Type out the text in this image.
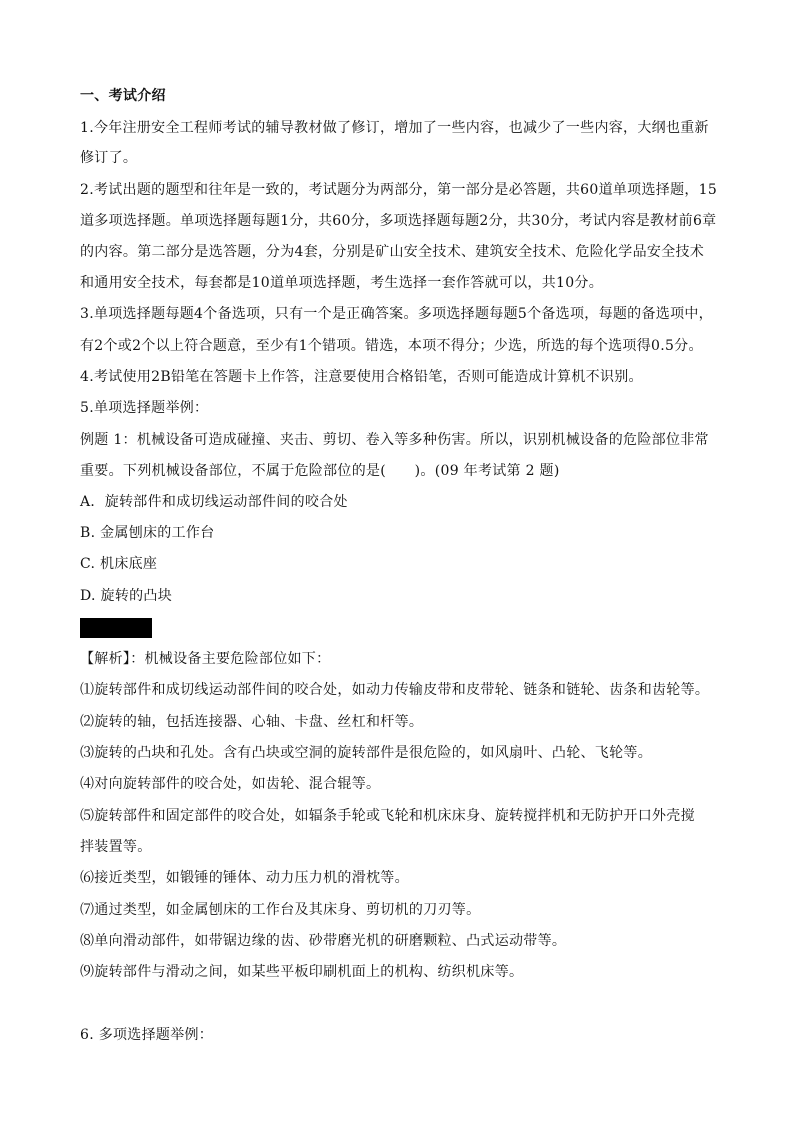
一、考试介绍
1.今年注册安全工程师考试的辅导教材做了修订，增加了一些内容，也减少了一些内容，大纲也重新
修订了。
2.考试出题的题型和往年是一致的，考试题分为两部分，第一部分是必答题，共60道单项选择题，15
道多项选择题。单项选择题每题1分，共60分，多项选择题每题2分，共30分，考试内容是教材前6章
的内容。第二部分是选答题，分为4套，分别是矿山安全技术、建筑安全技术、危险化学品安全技术
和通用安全技术，每套都是10道单项选择题，考生选择一套作答就可以，共10分。
3.单项选择题每题4个备选项，只有一个是正确答案。多项选择题每题5个备选项，每题的备选项中，
有2个或2个以上符合题意，至少有1个错项。错选，本项不得分；少选，所选的每个选项得0.5分。
4.考试使用2B铅笔在答题卡上作答，注意要使用合格铅笔，否则可能造成计算机不识别。
5.单项选择题举例：
例题 1：机械设备可造成碰撞、夹击、剪切、卷入等多种伤害。所以，识别机械设备的危险部位非常
重要。下列机械设备部位，不属于危险部位的是(　　)。(09 年考试第 2 题)
A．旋转部件和成切线运动部件间的咬合处
B. 金属刨床的工作台
C. 机床底座
D. 旋转的凸块
【解析】：机械设备主要危险部位如下：
⑴旋转部件和成切线运动部件间的咬合处，如动力传输皮带和皮带轮、链条和链轮、齿条和齿轮等。
⑵旋转的轴，包括连接器、心轴、卡盘、丝杠和杆等。
⑶旋转的凸块和孔处。含有凸块或空洞的旋转部件是很危险的，如风扇叶、凸轮、飞轮等。
⑷对向旋转部件的咬合处，如齿轮、混合辊等。
⑸旋转部件和固定部件的咬合处，如辐条手轮或飞轮和机床床身、旋转搅拌机和无防护开口外壳搅
拌装置等。
⑹接近类型，如锻锤的锤体、动力压力机的滑枕等。
⑺通过类型，如金属刨床的工作台及其床身、剪切机的刀刃等。
⑻单向滑动部件，如带锯边缘的齿、砂带磨光机的研磨颗粒、凸式运动带等。
⑼旋转部件与滑动之间，如某些平板印刷机面上的机构、纺织机床等。
6. 多项选择题举例：
